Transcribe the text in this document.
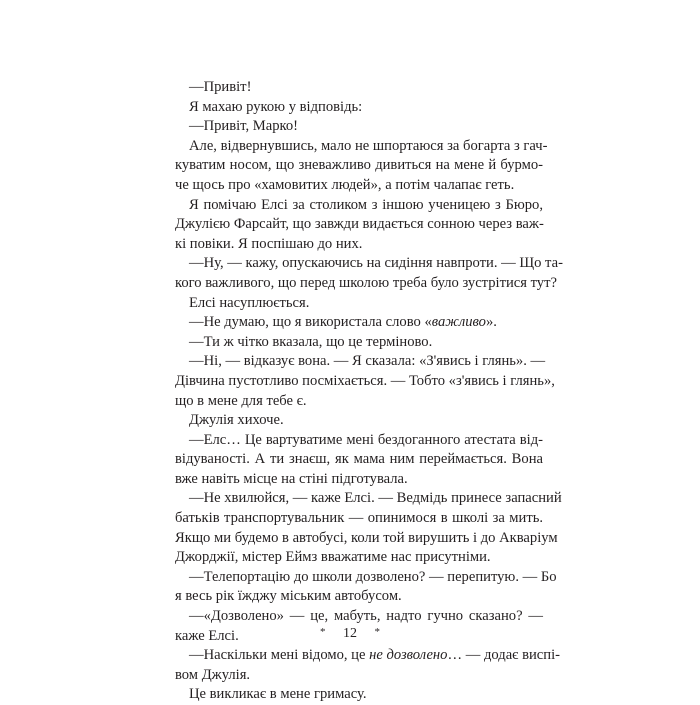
—Привіт!
Я махаю рукою у відповідь:
—Привіт, Марко!
Але, відвернувшись, мало не шпортаюся за богарта з гач-
куватим носом, що зневажливо дивиться на мене й бурмо-
че щось про «хамовитих людей», а потім чалапає геть.
Я помічаю Елсі за столиком з іншою ученицею з Бюро,
Джулією Фарсайт, що завжди видається сонною через важ-
кі повіки. Я поспішаю до них.
—Ну, — кажу, опускаючись на сидіння навпроти. — Що та-
кого важливого, що перед школою треба було зустрітися тут?
Елсі насуплюється.
—Не думаю, що я використала слово «важливо».
—Ти ж чітко вказала, що це терміново.
—Ні, — відказує вона. — Я сказала: «З'явись і глянь». —
Дівчина пустотливо посміхається. — Тобто «з'явись і глянь»,
що в мене для тебе є.
Джулія хихоче.
—Елс… Це вартуватиме мені бездоганного атестата від-
відуваності. А ти знаєш, як мама ним переймається. Вона
вже навіть місце на стіні підготувала.
—Не хвилюйся, — каже Елсі. — Ведмідь принесе запасний
батьків транспортувальник — опинимося в школі за мить.
Якщо ми будемо в автобусі, коли той вирушить і до Акваріум
Джорджії, містер Еймз вважатиме нас присутніми.
—Телепортацію до школи дозволено? — перепитую. — Бо
я весь рік їжджу міським автобусом.
—«Дозволено» — це, мабуть, надто гучно сказано? —
каже Елсі.
—Наскільки мені відомо, це не дозволено… — додає виспі-
вом Джулія.
Це викликає в мене гримасу.
* 12 *
